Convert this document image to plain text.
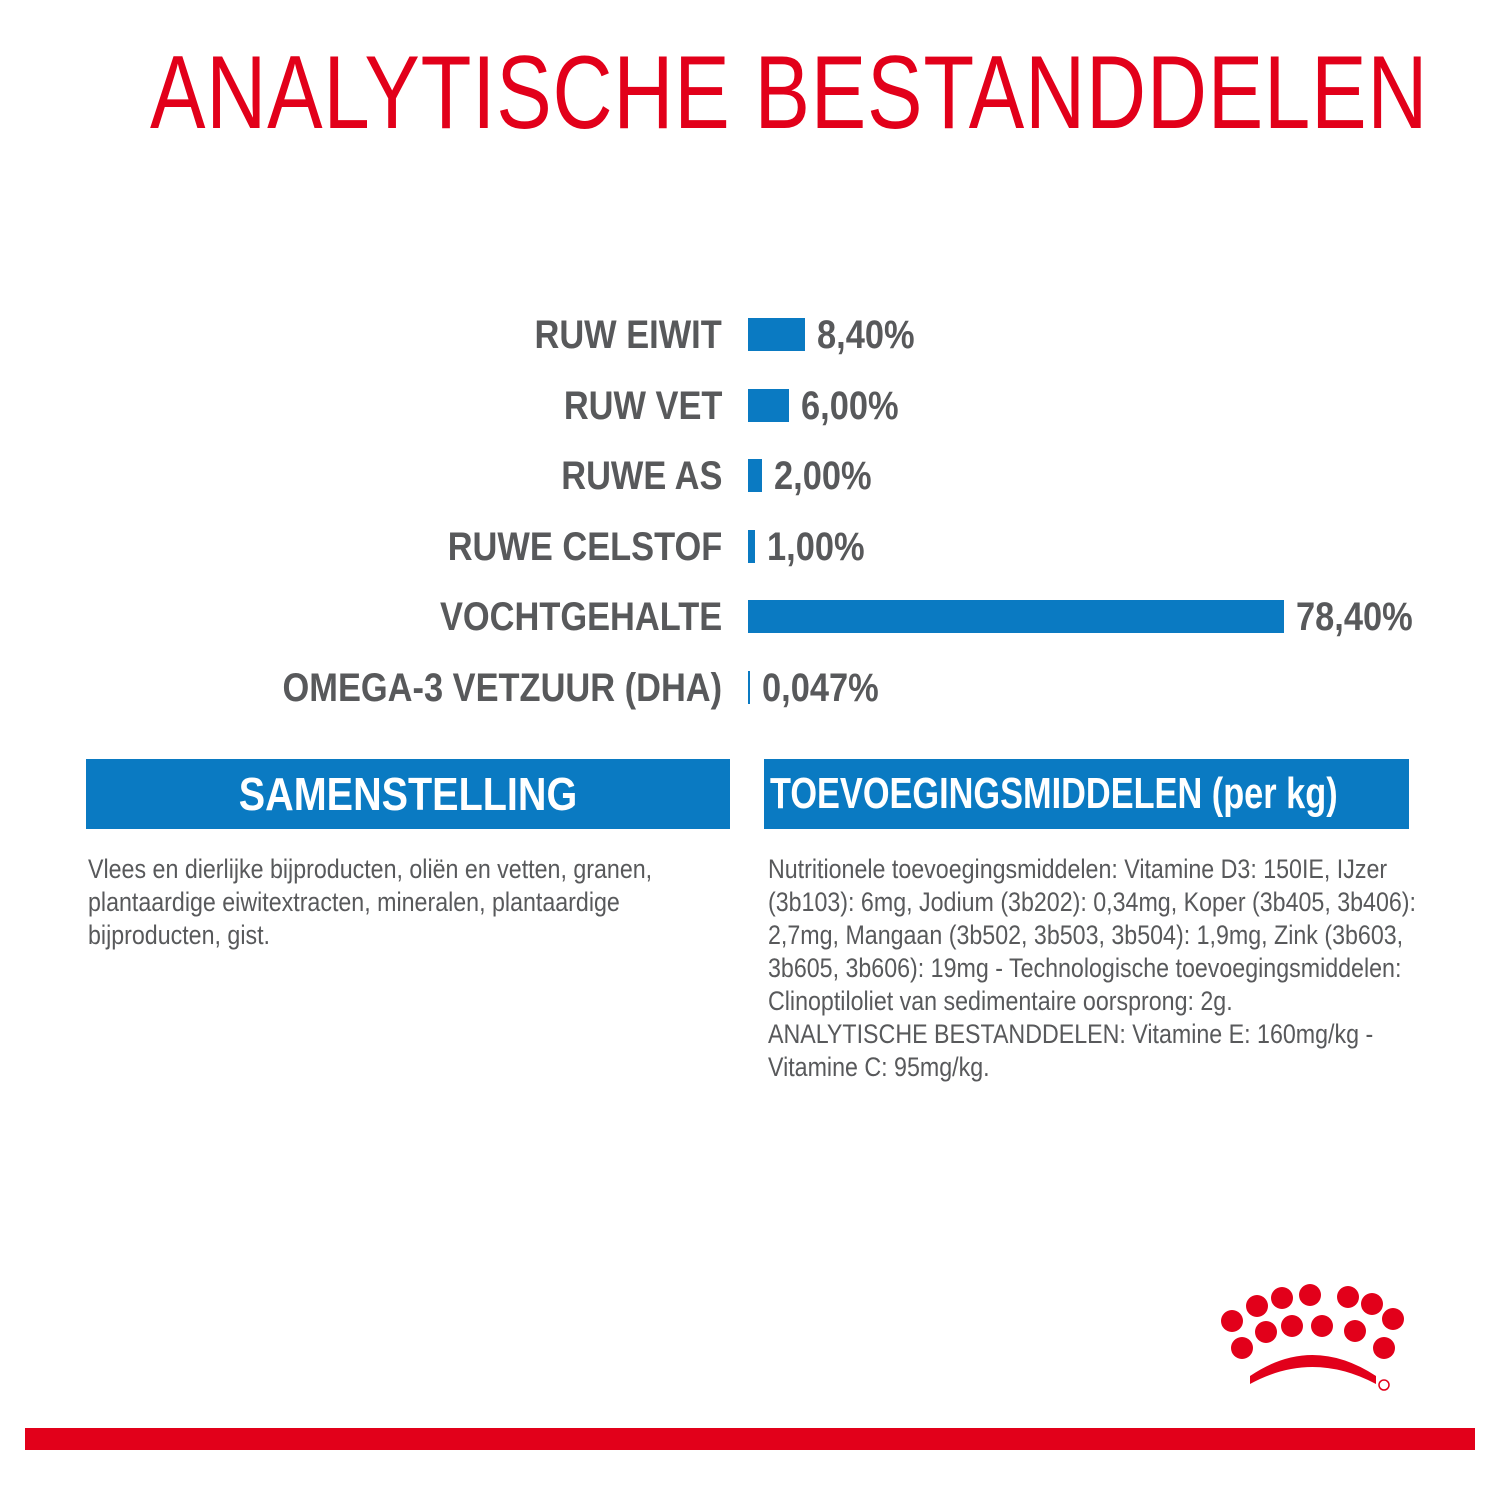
ANALYTISCHE BESTANDDELEN
RUW EIWIT 8,40%
RUW VET 6,00%
RUWE AS 2,00%
RUWE CELSTOF 1,00%
VOCHTGEHALTE	78,40%
OMEGA-3 VETZUUR (DHA) 0,047%
SAMENSTELLING	TOEVOEGINGSMIDDELEN (per kg)
Vlees en dierlijke bijproducten, oliën en vetten, granen,
plantaardige eiwitextracten, mineralen, plantaardige
bijproducten, gist.
Nutritionele toevoegingsmiddelen: Vitamine D3: 150IE, IJzer
(3b103): 6mg, Jodium (3b202): 0,34mg, Koper (3b405, 3b406):
2,7mg, Mangaan (3b502, 3b503, 3b504): 1,9mg, Zink (3b603,
3b605, 3b606): 19mg - Technologische toevoegingsmiddelen:
Clinoptiloliet van sedimentaire oorsprong: 2g.
ANALYTISCHE BESTANDDELEN: Vitamine E: 160mg/kg -
Vitamine C: 95mg/kg.
